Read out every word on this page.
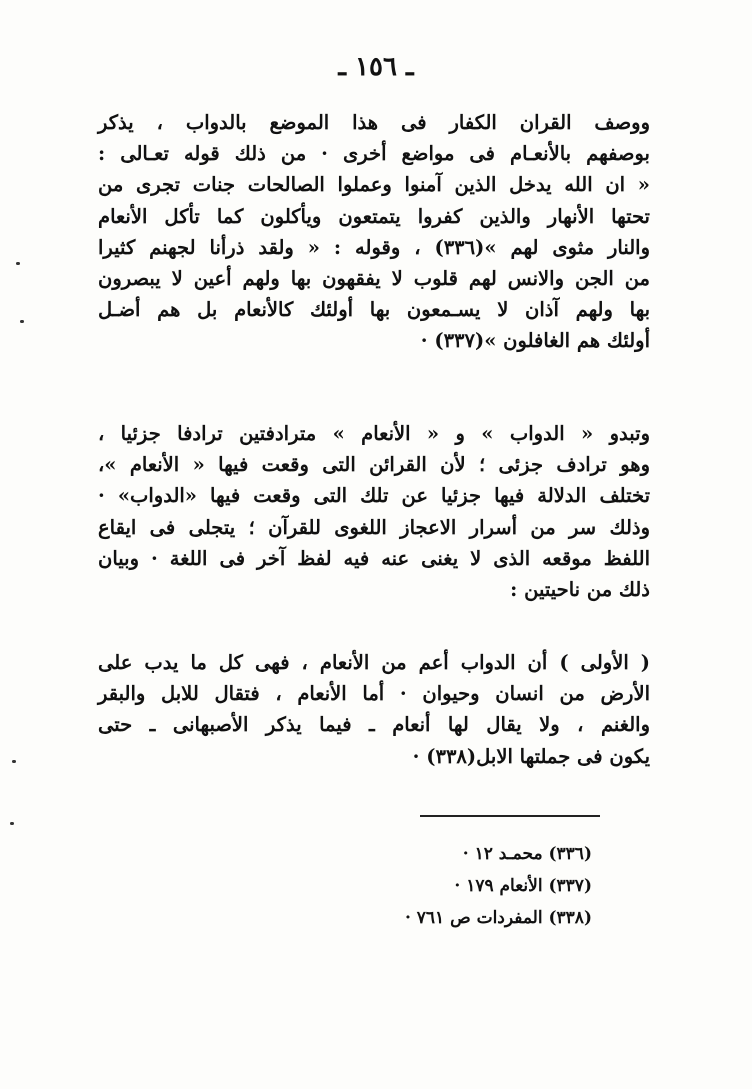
ـ ١٥٦ ـ
ووصف القران الكفار فى هذا الموضع بالدواب ، يذكر
بوصفهم بالأنعـام فى مواضع أخرى · من ذلك قوله تعـالى :
« ان الله يدخل الذين آمنوا وعملوا الصالحات جنات تجرى من
تحتها الأنهار والذين كفروا يتمتعون ويأكلون كما تأكل الأنعام
والنار مثوى لهم »(٣٣٦) ، وقوله : « ولقد ذرأنا لجهنم كثيرا
من الجن والانس لهم قلوب لا يفقهون بها ولهم أعين لا يبصرون
بها ولهم آذان لا يسـمعون بها أولئك كالأنعام بل هم أضـل
أولئك هم الغافلون »(٣٣٧) ·
وتبدو « الدواب » و « الأنعام » مترادفتين ترادفا جزئيا ،
وهو ترادف جزئى ؛ لأن القرائن التى وقعت فيها « الأنعام »،
تختلف الدلالة فيها جزئيا عن تلك التى وقعت فيها «الدواب» ·
وذلك سر من أسرار الاعجاز اللغوى للقرآن ؛ يتجلى فى ايقاع
اللفظ موقعه الذى لا يغنى عنه فيه لفظ آخر فى اللغة · وبيان
ذلك من ناحيتين :
( الأولى ) أن الدواب أعم من الأنعام ، فهى كل ما يدب على
الأرض من انسان وحيوان · أما الأنعام ، فتقال للابل والبقر
والغنم ، ولا يقال لها أنعام ـ فيما يذكر الأصبهانى ـ حتى
يكون فى جملتها الابل(٣٣٨) ·
(٣٣٦) محمـد ١٢ ·
(٣٣٧) الأنعام ١٧٩ ·
(٣٣٨) المفردات ص ٧٦١ ·
